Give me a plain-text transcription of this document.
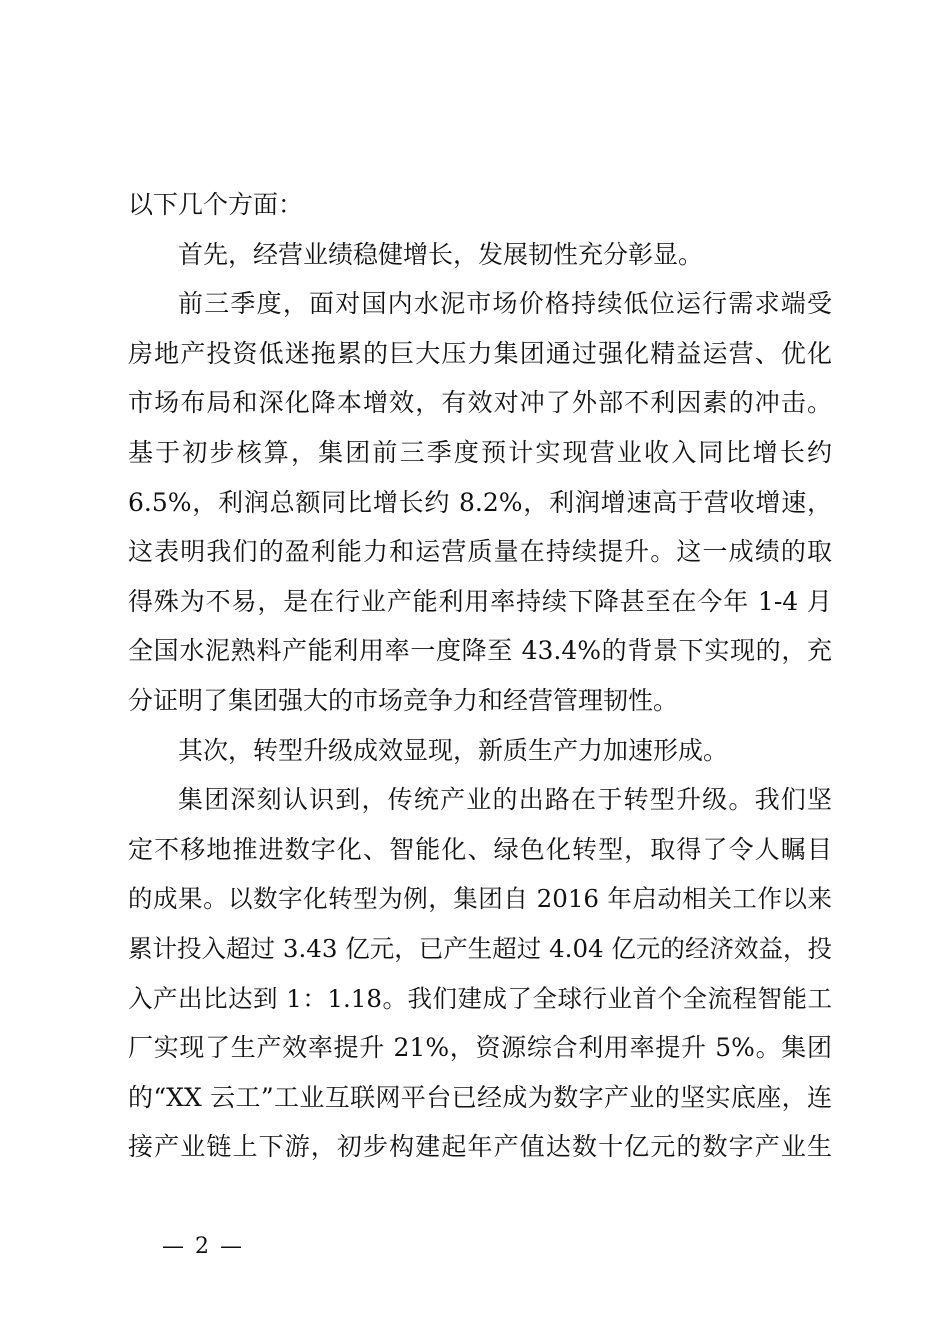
以下几个方面：
首先，经营业绩稳健增长，发展韧性充分彰显。
前三季度，面对国内水泥市场价格持续低位运行需求端受
房地产投资低迷拖累的巨大压力集团通过强化精益运营、优化
市场布局和深化降本增效，有效对冲了外部不利因素的冲击。
基于初步核算，集团前三季度预计实现营业收入同比增长约
6.5%，利润总额同比增长约 8.2%，利润增速高于营收增速，
这表明我们的盈利能力和运营质量在持续提升。这一成绩的取
得殊为不易，是在行业产能利用率持续下降甚至在今年 1-4 月
全国水泥熟料产能利用率一度降至 43.4%的背景下实现的，充
分证明了集团强大的市场竞争力和经营管理韧性。
其次，转型升级成效显现，新质生产力加速形成。
集团深刻认识到，传统产业的出路在于转型升级。我们坚
定不移地推进数字化、智能化、绿色化转型，取得了令人瞩目
的成果。以数字化转型为例，集团自 2016 年启动相关工作以来
累计投入超过 3.43 亿元，已产生超过 4.04 亿元的经济效益，投
入产出比达到 1：1.18。我们建成了全球行业首个全流程智能工
厂实现了生产效率提升 21%，资源综合利用率提升 5%。集团
的“XX 云工”工业互联网平台已经成为数字产业的坚实底座，连
接产业链上下游，初步构建起年产值达数十亿元的数字产业生
— 2 —
